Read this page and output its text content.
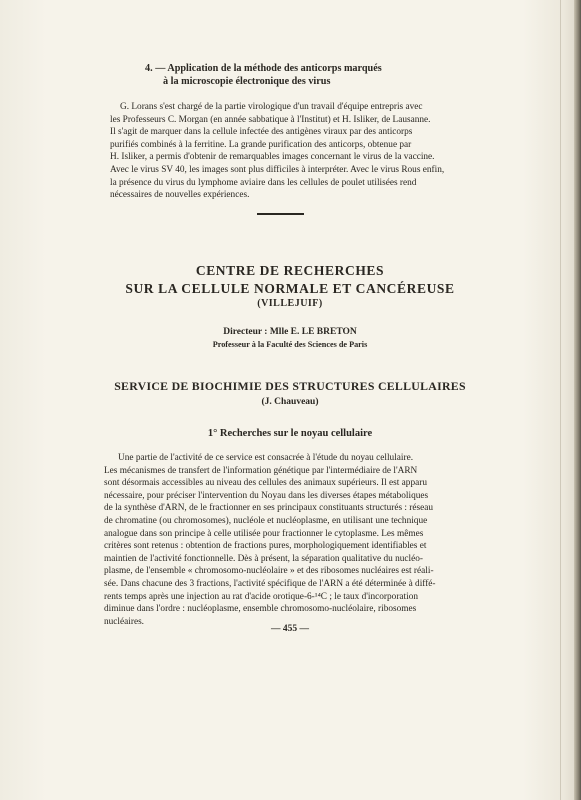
4. — Application de la méthode des anticorps marqués
à la microscopie électronique des virus
G. Lorans s'est chargé de la partie virologique d'un travail d'équipe entrepris avec
les Professeurs C. Morgan (en année sabbatique à l'Institut) et H. Isliker, de Lausanne.
Il s'agit de marquer dans la cellule infectée des antigènes viraux par des anticorps
purifiés combinés à la ferritine. La grande purification des anticorps, obtenue par
H. Isliker, a permis d'obtenir de remarquables images concernant le virus de la vaccine.
Avec le virus SV 40, les images sont plus difficiles à interpréter. Avec le virus Rous enfin,
la présence du virus du lymphome aviaire dans les cellules de poulet utilisées rend
nécessaires de nouvelles expériences.
CENTRE DE RECHERCHES
SUR LA CELLULE NORMALE ET CANCÉREUSE
(VILLEJUIF)
Directeur : Mlle E. LE BRETON
Professeur à la Faculté des Sciences de Paris
SERVICE DE BIOCHIMIE DES STRUCTURES CELLULAIRES
(J. Chauveau)
1° Recherches sur le noyau cellulaire
Une partie de l'activité de ce service est consacrée à l'étude du noyau cellulaire.
Les mécanismes de transfert de l'information génétique par l'intermédiaire de l'ARN
sont désormais accessibles au niveau des cellules des animaux supérieurs. Il est apparu
nécessaire, pour préciser l'intervention du Noyau dans les diverses étapes métaboliques
de la synthèse d'ARN, de le fractionner en ses principaux constituants structurés : réseau
de chromatine (ou chromosomes), nucléole et nucléoplasme, en utilisant une technique
analogue dans son principe à celle utilisée pour fractionner le cytoplasme. Les mêmes
critères sont retenus : obtention de fractions pures, morphologiquement identifiables et
maintien de l'activité fonctionnelle. Dès à présent, la séparation qualitative du nucléo-
plasme, de l'ensemble « chromosomo-nucléolaire » et des ribosomes nucléaires est réali-
sée. Dans chacune des 3 fractions, l'activité spécifique de l'ARN a été déterminée à diffé-
rents temps après une injection au rat d'acide orotique-6-¹⁴C ; le taux d'incorporation
diminue dans l'ordre : nucléoplasme, ensemble chromosomo-nucléolaire, ribosomes
nucléaires.
— 455 —
